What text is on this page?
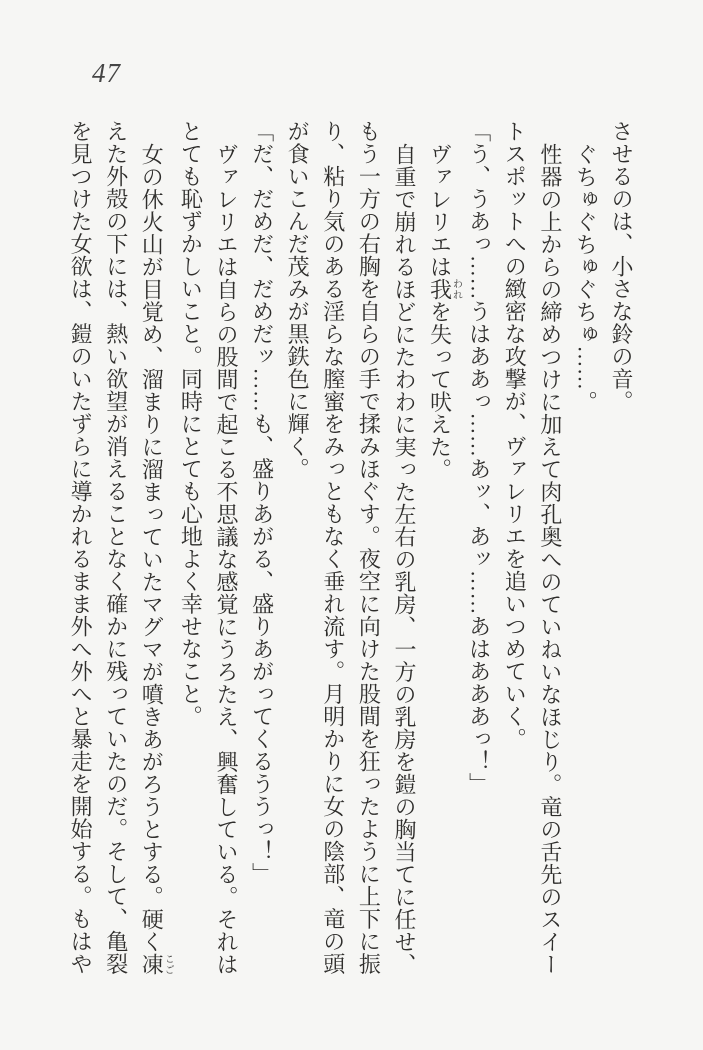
47

させるのは、小さな鈴の音。

ぐちゅぐちゅぐちゅ……。

性器の上からの締めつけに加えて肉孔奥へのていねいなほじり。竜の舌先のスイー

トスポットへの緻密な攻撃が、ヴァレリエを追いつめていく。

「う、うあっ……うはああっ……あッ、あッ……あはあああっ！」

ヴァレリエは我われを失って吠えた。

自重で崩れるほどにたわわに実った左右の乳房、一方の乳房を鎧の胸当てに任せ、

もう一方の右胸を自らの手で揉みほぐす。夜空に向けた股間を狂ったように上下に振

り、粘り気のある淫らな膣蜜をみっともなく垂れ流す。月明かりに女の陰部、竜の頭

が食いこんだ茂みが黒鉄色に輝く。

「だ、だめだ、だめだッ……も、盛りあがる、盛りあがってくるううっ！」

ヴァレリエは自らの股間で起こる不思議な感覚にうろたえ、興奮している。それは

とても恥ずかしいこと。同時にとても心地よく幸せなこと。

女の休火山が目覚め、溜まりに溜まっていたマグマが噴きあがろうとする。硬く凍こご

えた外殻の下には、熱い欲望が消えることなく確かに残っていたのだ。そして、亀裂

を見つけた女欲は、鎧のいたずらに導かれるまま外へ外へと暴走を開始する。もはや
